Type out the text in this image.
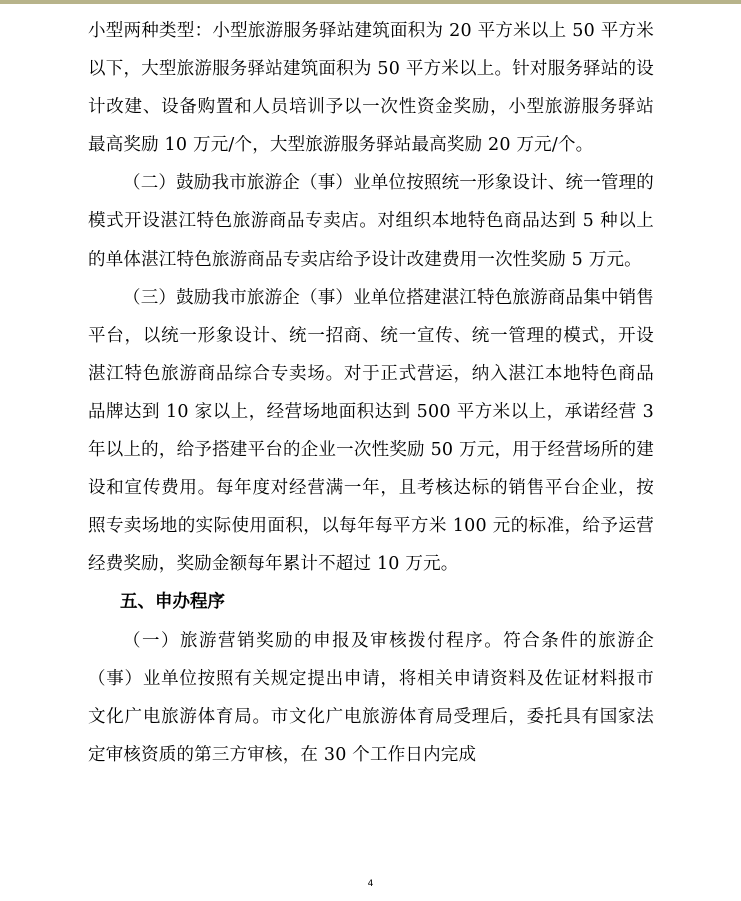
小型两种类型：小型旅游服务驿站建筑面积为 20 平方米以上 50 平方米以下，大型旅游服务驿站建筑面积为 50 平方米以上。针对服务驿站的设计改建、设备购置和人员培训予以一次性资金奖励，小型旅游服务驿站最高奖励 10 万元/个，大型旅游服务驿站最高奖励 20 万元/个。

（二）鼓励我市旅游企（事）业单位按照统一形象设计、统一管理的模式开设湛江特色旅游商品专卖店。对组织本地特色商品达到 5 种以上的单体湛江特色旅游商品专卖店给予设计改建费用一次性奖励 5 万元。

（三）鼓励我市旅游企（事）业单位搭建湛江特色旅游商品集中销售平台，以统一形象设计、统一招商、统一宣传、统一管理的模式，开设湛江特色旅游商品综合专卖场。对于正式营运，纳入湛江本地特色商品品牌达到 10 家以上，经营场地面积达到 500 平方米以上，承诺经营 3 年以上的，给予搭建平台的企业一次性奖励 50 万元，用于经营场所的建设和宣传费用。每年度对经营满一年，且考核达标的销售平台企业，按照专卖场地的实际使用面积，以每年每平方米 100 元的标准，给予运营经费奖励，奖励金额每年累计不超过 10 万元。

五、申办程序

（一）旅游营销奖励的申报及审核拨付程序。符合条件的旅游企（事）业单位按照有关规定提出申请，将相关申请资料及佐证材料报市文化广电旅游体育局。市文化广电旅游体育局受理后，委托具有国家法定审核资质的第三方审核，在 30 个工作日内完成

4
